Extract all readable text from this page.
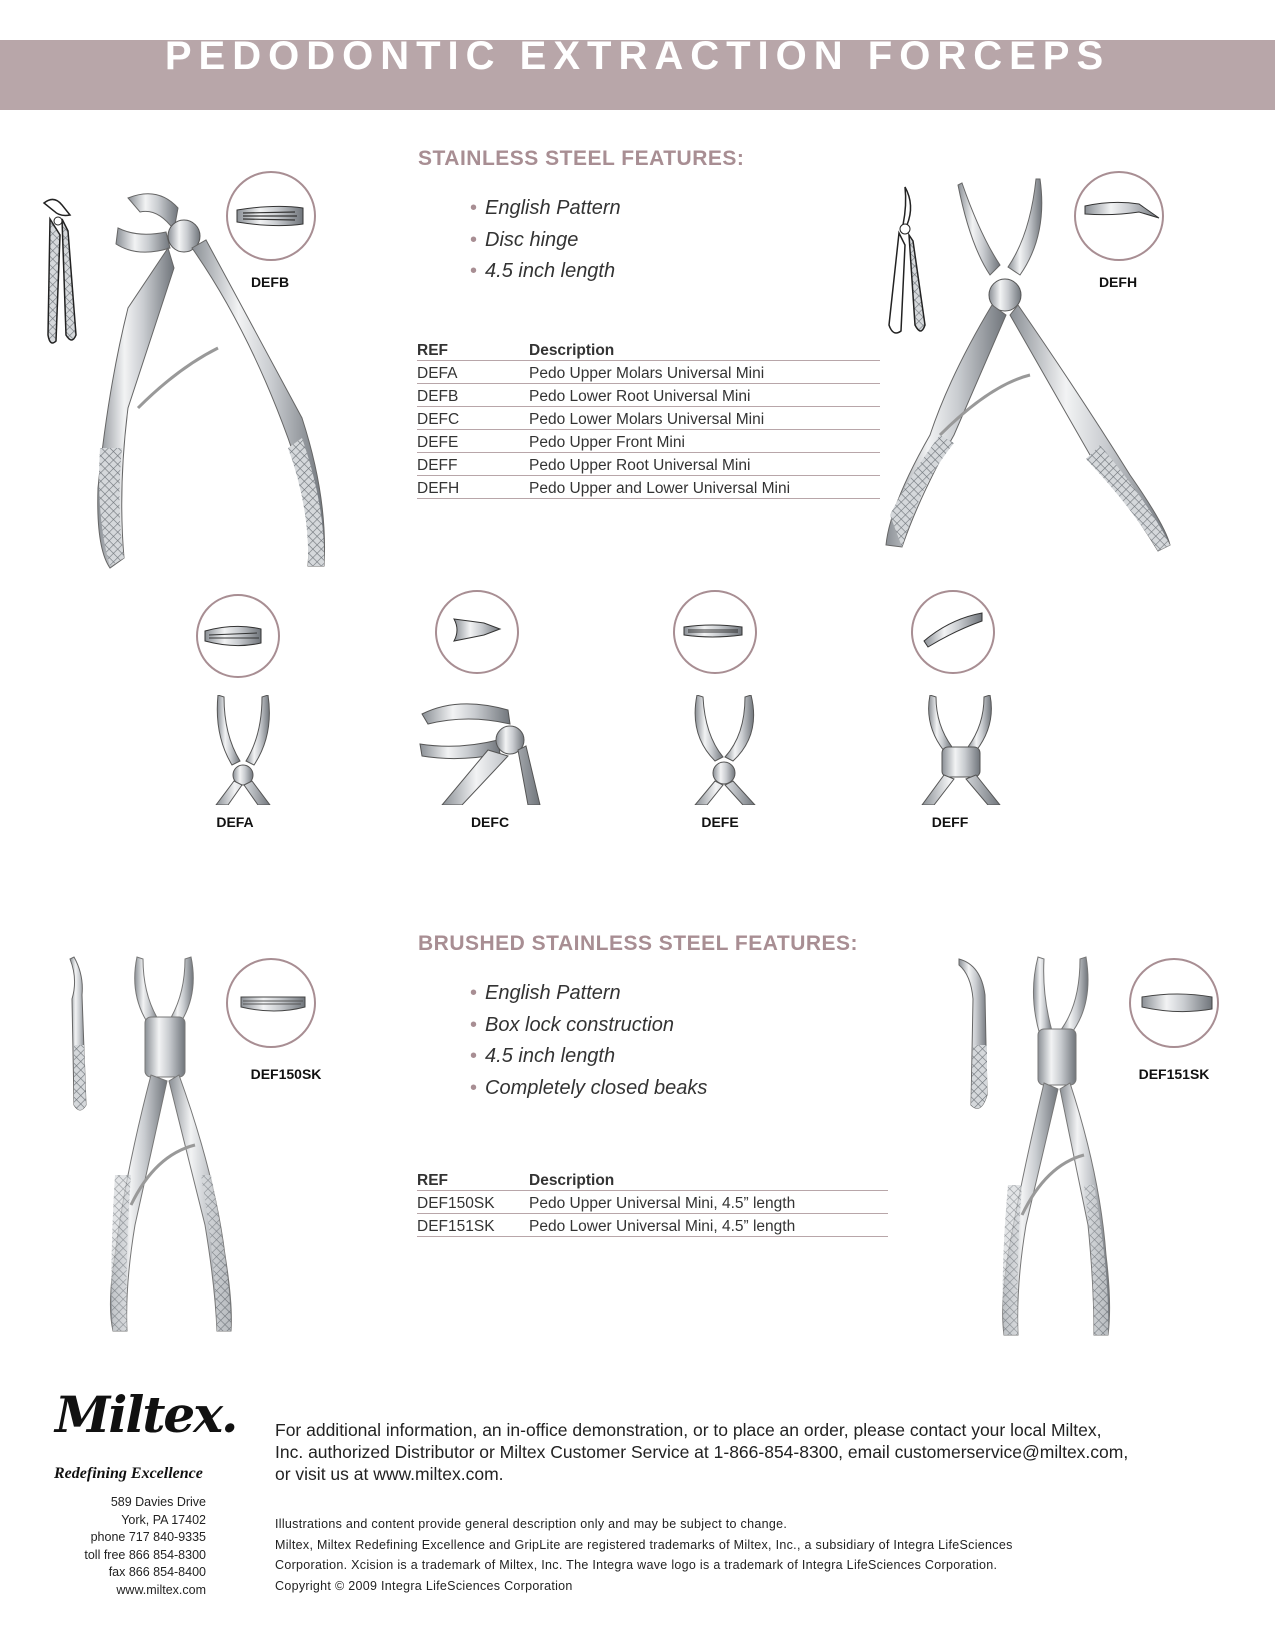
PEDODONTIC EXTRACTION FORCEPS
STAINLESS STEEL FEATURES:
• English Pattern
• Disc hinge
• 4.5 inch length
REF	Description
DEFA	Pedo Upper Molars Universal Mini
DEFB	Pedo Lower Root Universal Mini
DEFC	Pedo Lower Molars Universal Mini
DEFE	Pedo Upper Front Mini
DEFF	Pedo Upper Root Universal Mini
DEFH	Pedo Upper and Lower Universal Mini
DEFB	DEFH
DEFA	DEFC	DEFE	DEFF
BRUSHED STAINLESS STEEL FEATURES:
• English Pattern
• Box lock construction
• 4.5 inch length
• Completely closed beaks
REF	Description
DEF150SK	Pedo Upper Universal Mini, 4.5” length
DEF151SK	Pedo Lower Universal Mini, 4.5” length
DEF150SK	DEF151SK
Miltex.
Redefining Excellence
589 Davies Drive
York, PA 17402
phone 717 840-9335
toll free 866 854-8300
fax 866 854-8400
www.miltex.com
For additional information, an in-office demonstration, or to place an order, please contact your local Miltex,
Inc. authorized Distributor or Miltex Customer Service at 1-866-854-8300, email customerservice@miltex.com,
or visit us at www.miltex.com.
Illustrations and content provide general description only and may be subject to change.
Miltex, Miltex Redefining Excellence and GripLite are registered trademarks of Miltex, Inc., a subsidiary of Integra LifeSciences
Corporation. Xcision is a trademark of Miltex, Inc. The Integra wave logo is a trademark of Integra LifeSciences Corporation.
Copyright © 2009 Integra LifeSciences Corporation
